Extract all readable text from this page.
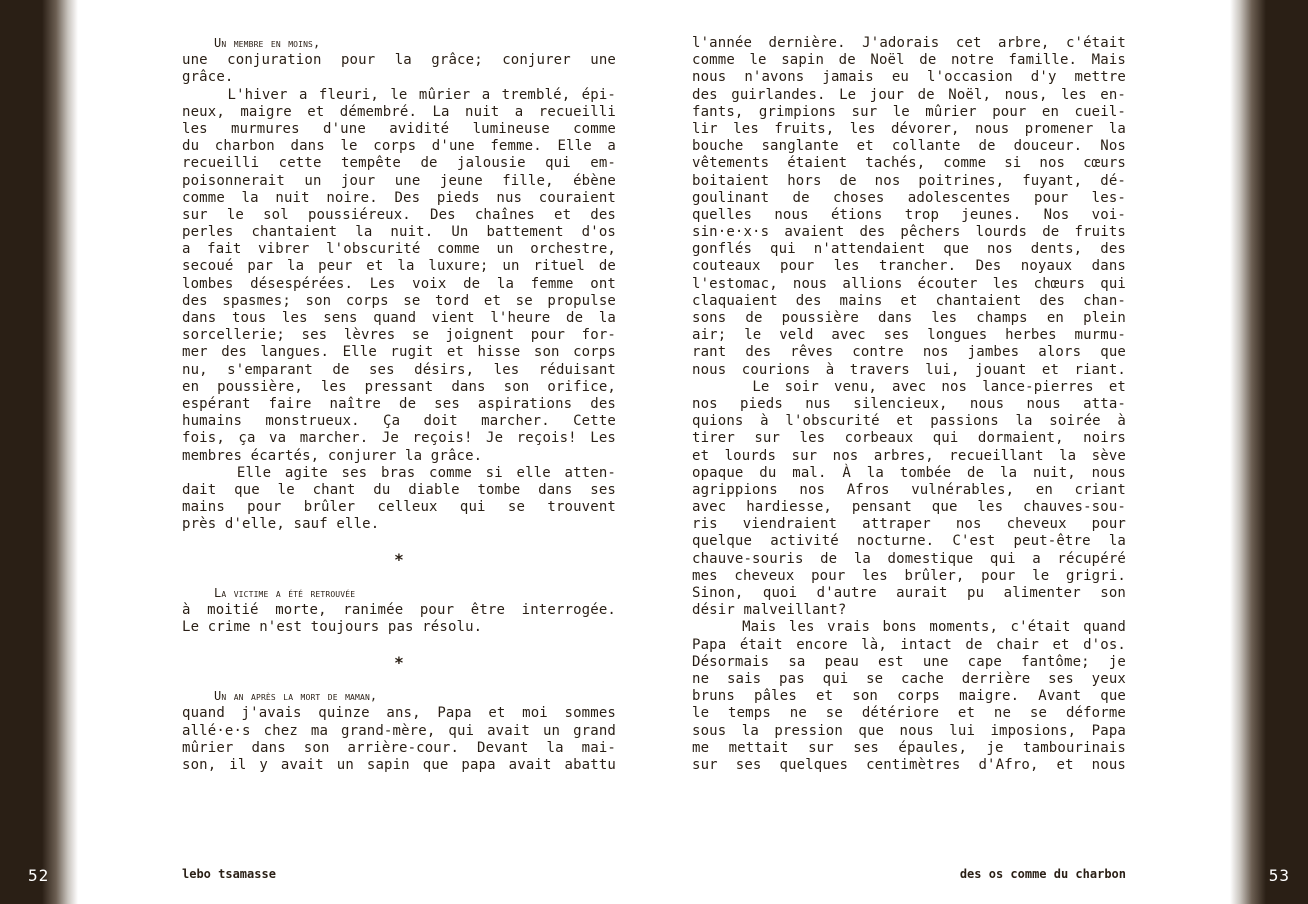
52	53
lebo tsamasse	des os comme du charbon
Un membre en moins,
une conjuration pour la grâce; conjurer une
grâce.
L'hiver a fleuri, le mûrier a tremblé, épi-
neux, maigre et démembré. La nuit a recueilli
les murmures d'une avidité lumineuse comme
du charbon dans le corps d'une femme. Elle a
recueilli cette tempête de jalousie qui em-
poisonnerait un jour une jeune fille, ébène
comme la nuit noire. Des pieds nus couraient
sur le sol poussiéreux. Des chaînes et des
perles chantaient la nuit. Un battement d'os
a fait vibrer l'obscurité comme un orchestre,
secoué par la peur et la luxure; un rituel de
lombes désespérées. Les voix de la femme ont
des spasmes; son corps se tord et se propulse
dans tous les sens quand vient l'heure de la
sorcellerie; ses lèvres se joignent pour for-
mer des langues. Elle rugit et hisse son corps
nu, s'emparant de ses désirs, les réduisant
en poussière, les pressant dans son orifice,
espérant faire naître de ses aspirations des
humains monstrueux. Ça doit marcher. Cette
fois, ça va marcher. Je reçois! Je reçois! Les
membres écartés, conjurer la grâce.
Elle agite ses bras comme si elle atten-
dait que le chant du diable tombe dans ses
mains pour brûler celleux qui se trouvent
près d'elle, sauf elle.
*
La victime a été retrouvée
à moitié morte, ranimée pour être interrogée.
Le crime n'est toujours pas résolu.
*
Un an après la mort de maman,
quand j'avais quinze ans, Papa et moi sommes
allé·e·s chez ma grand-mère, qui avait un grand
mûrier dans son arrière-cour. Devant la mai-
son, il y avait un sapin que papa avait abattu
l'année dernière. J'adorais cet arbre, c'était
comme le sapin de Noël de notre famille. Mais
nous n'avons jamais eu l'occasion d'y mettre
des guirlandes. Le jour de Noël, nous, les en-
fants, grimpions sur le mûrier pour en cueil-
lir les fruits, les dévorer, nous promener la
bouche sanglante et collante de douceur. Nos
vêtements étaient tachés, comme si nos cœurs
boitaient hors de nos poitrines, fuyant, dé-
goulinant de choses adolescentes pour les-
quelles nous étions trop jeunes. Nos voi-
sin·e·x·s avaient des pêchers lourds de fruits
gonflés qui n'attendaient que nos dents, des
couteaux pour les trancher. Des noyaux dans
l'estomac, nous allions écouter les chœurs qui
claquaient des mains et chantaient des chan-
sons de poussière dans les champs en plein
air; le veld avec ses longues herbes murmu-
rant des rêves contre nos jambes alors que
nous courions à travers lui, jouant et riant.
Le soir venu, avec nos lance-pierres et
nos pieds nus silencieux, nous nous atta-
quions à l'obscurité et passions la soirée à
tirer sur les corbeaux qui dormaient, noirs
et lourds sur nos arbres, recueillant la sève
opaque du mal. À la tombée de la nuit, nous
agrippions nos Afros vulnérables, en criant
avec hardiesse, pensant que les chauves-sou-
ris viendraient attraper nos cheveux pour
quelque activité nocturne. C'est peut-être la
chauve-souris de la domestique qui a récupéré
mes cheveux pour les brûler, pour le grigri.
Sinon, quoi d'autre aurait pu alimenter son
désir malveillant?
Mais les vrais bons moments, c'était quand
Papa était encore là, intact de chair et d'os.
Désormais sa peau est une cape fantôme; je
ne sais pas qui se cache derrière ses yeux
bruns pâles et son corps maigre. Avant que
le temps ne se détériore et ne se déforme
sous la pression que nous lui imposions, Papa
me mettait sur ses épaules, je tambourinais
sur ses quelques centimètres d'Afro, et nous
